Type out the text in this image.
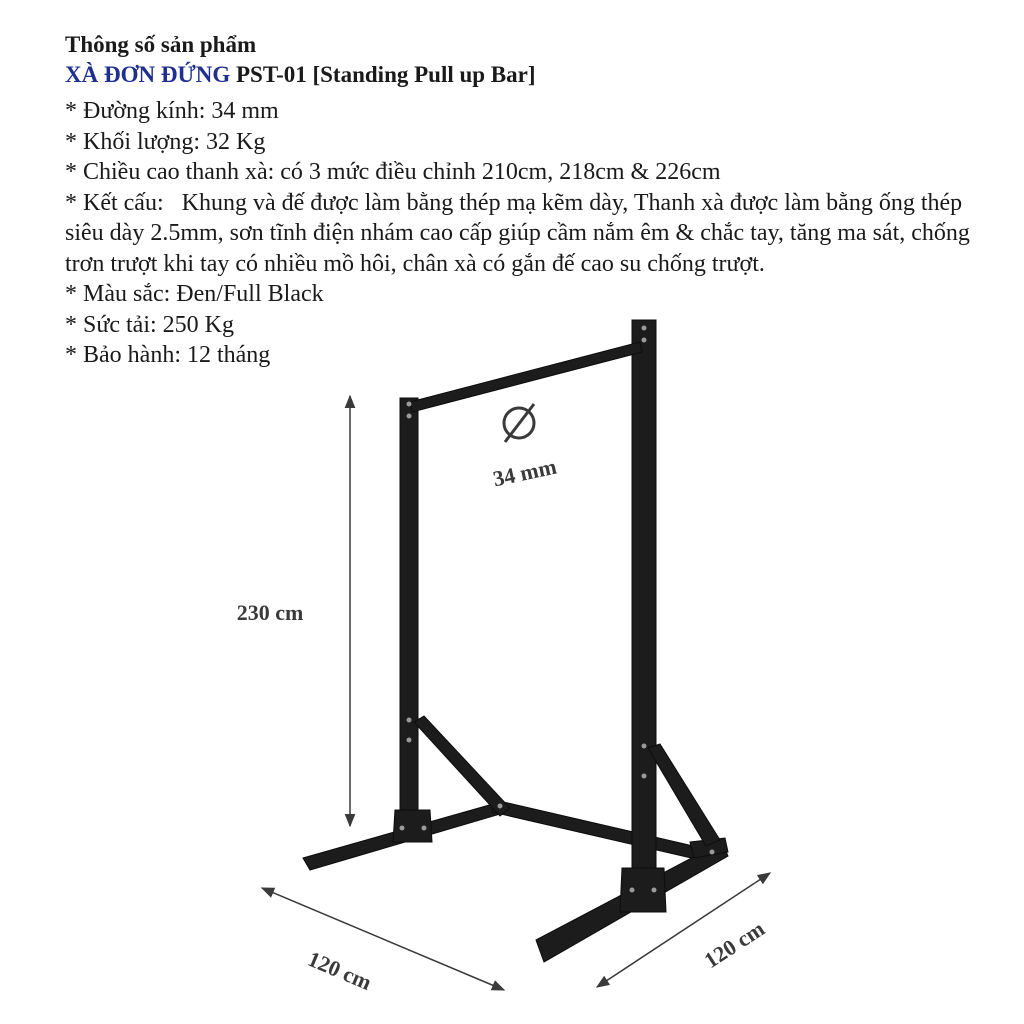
Thông số sản phẩm
XÀ ĐƠN ĐỨNG PST-01 [Standing Pull up Bar]
* Đường kính: 34 mm
* Khối lượng: 32 Kg
* Chiều cao thanh xà: có 3 mức điều chỉnh 210cm, 218cm & 226cm
* Kết cấu:   Khung và đế được làm bằng thép mạ kẽm dày, Thanh xà được làm bằng ống thép siêu dày 2.5mm, sơn tĩnh điện nhám cao cấp giúp cầm nắm êm & chắc tay, tăng ma sát, chống trơn trượt khi tay có nhiều mồ hôi, chân xà có gắn đế cao su chống trượt.
* Màu sắc: Đen/Full Black
* Sức tải: 250 Kg
* Bảo hành: 12 tháng
34 mm
230 cm
120 cm	120 cm
